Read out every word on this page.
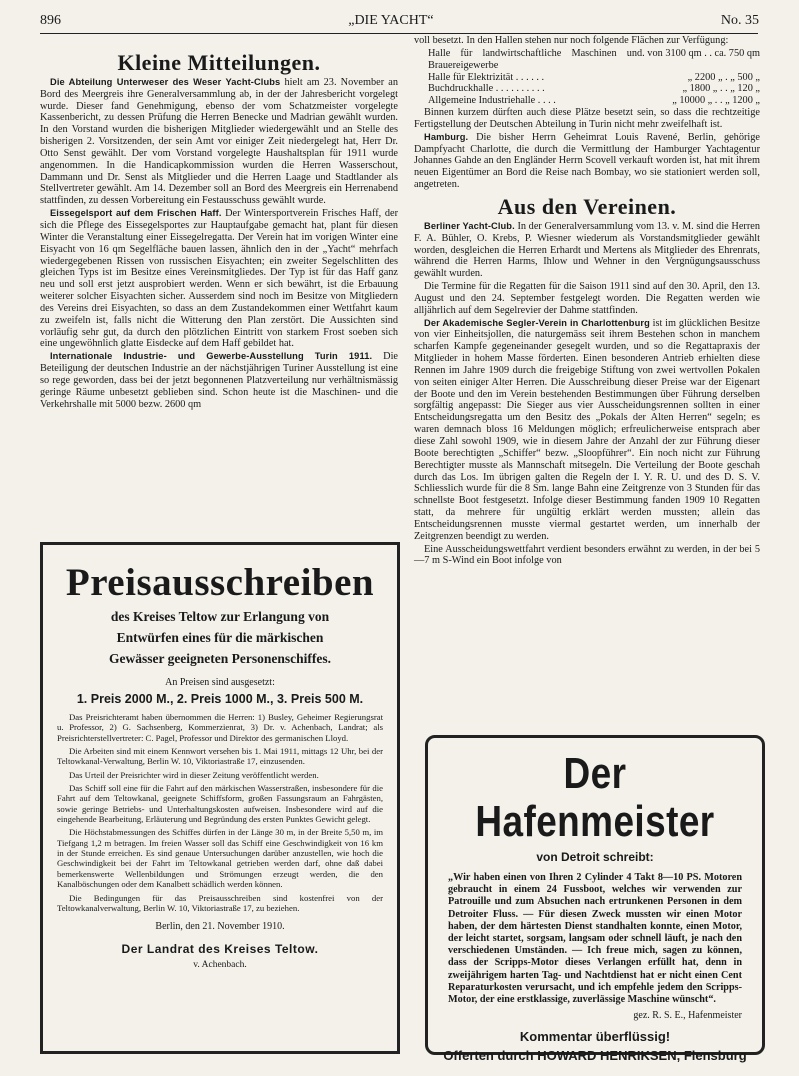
896	„DIE YACHT“	No. 35
Kleine Mitteilungen.

Die Abteilung Unterweser des Weser Yacht-Clubs hielt am 23. November an Bord des Meergreis ihre Generalversammlung ab, in der der Jahresbericht vorgelegt wurde. Dieser fand Genehmigung, ebenso der vom Schatzmeister vorgelegte Kassenbericht, zu dessen Prüfung die Herren Benecke und Madrian gewählt wurden. In den Vorstand wurden die bisherigen Mitglieder wiedergewählt und an Stelle des bisherigen 2. Vorsitzenden, der sein Amt vor einiger Zeit niedergelegt hat, Herr Dr. Otto Senst gewählt. Der vom Vorstand vorgelegte Haushaltsplan für 1911 wurde angenommen. In die Handicapkommission wurden die Herren Wasserschout, Dammann und Dr. Senst als Mitglieder und die Herren Laage und Stadtlander als Stellvertreter gewählt. Am 14. Dezember soll an Bord des Meergreis ein Herrenabend stattfinden, zu dessen Vorbereitung ein Festausschuss gewählt wurde.

Eissegelsport auf dem Frischen Haff. Der Wintersportverein Frisches Haff, der sich die Pflege des Eissegelsportes zur Hauptaufgabe gemacht hat, plant für diesen Winter die Veranstaltung einer Eissegelregatta. Der Verein hat im vorigen Winter eine Eisyacht von 16 qm Segelfläche bauen lassen, ähnlich den in der „Yacht“ mehrfach wiedergegebenen Rissen von russischen Eisyachten; ein zweiter Segelschlitten des gleichen Typs ist im Besitze eines Vereinsmitgliedes. Der Typ ist für das Haff ganz neu und soll erst jetzt ausprobiert werden. Wenn er sich bewährt, ist die Erbauung weiterer solcher Eisyachten sicher. Ausserdem sind noch im Besitze von Mitgliedern des Vereins drei Eisyachten, so dass an dem Zustandekommen einer Wettfahrt kaum zu zweifeln ist, falls nicht die Witterung den Plan zerstört. Die Aussichten sind vorläufig sehr gut, da durch den plötzlichen Eintritt von starkem Frost soeben sich eine ungewöhnlich glatte Eisdecke auf dem Haff gebildet hat.

Internationale Industrie- und Gewerbe-Ausstellung Turin 1911. Die Beteiligung der deutschen Industrie an der nächstjährigen Turiner Ausstellung ist eine so rege geworden, dass bei der jetzt begonnenen Platzverteilung nur verhältnismässig geringe Räume unbesetzt geblieben sind. Schon heute ist die Maschinen- und die Verkehrshalle mit 5000 bezw. 2600 qm

voll besetzt. In den Hallen stehen nur noch folgende Flächen zur Verfügung:

Halle für landwirtschaftliche Maschinen und Brauereigewerbe	. von 3100 qm . . ca. 750 qm
Halle für Elektrizität . . . . . .	„ 2200 „ . „ 500 „
Buchdruckhalle . . . . . . . . . .	„ 1800 „ . . „ 120 „
Allgemeine Industriehalle . . . .	„ 10000 „ . . „ 1200 „

Binnen kurzem dürften auch diese Plätze besetzt sein, so dass die rechtzeitige Fertigstellung der Deutschen Abteilung in Turin nicht mehr zweifelhaft ist.

Hamburg. Die bisher Herrn Geheimrat Louis Ravené, Berlin, gehörige Dampfyacht Charlotte, die durch die Vermittlung der Hamburger Yachtagentur Johannes Gahde an den Engländer Herrn Scovell verkauft worden ist, hat mit ihrem neuen Eigentümer an Bord die Reise nach Bombay, wo sie stationiert werden soll, angetreten.

Aus den Vereinen.

Berliner Yacht-Club. In der Generalversammlung vom 13. v. M. sind die Herren F. A. Bühler, O. Krebs, P. Wiesner wiederum als Vorstandsmitglieder gewählt worden, desgleichen die Herren Erhardt und Mertens als Mitglieder des Ehrenrats, während die Herren Harms, Ihlow und Wehner in den Vergnügungsausschuss gewählt wurden.

Die Termine für die Regatten für die Saison 1911 sind auf den 30. April, den 13. August und den 24. September festgelegt worden. Die Regatten werden wie alljährlich auf dem Segelrevier der Dahme stattfinden.

Der Akademische Segler-Verein in Charlottenburg ist im glücklichen Besitze von vier Einheitsjollen, die naturgemäss seit ihrem Bestehen schon in manchem scharfen Kampfe gegeneinander gesegelt wurden, und so die Regattapraxis der Mitglieder in hohem Masse förderten. Einen besonderen Antrieb erhielten diese Rennen im Jahre 1909 durch die freigebige Stiftung von zwei wertvollen Pokalen von seiten einiger Alter Herren. Die Ausschreibung dieser Preise war der Eigenart der Boote und den im Verein bestehenden Bestimmungen über Führung derselben sorgfältig angepasst: Die Sieger aus vier Ausscheidungsrennen sollten in einer Entscheidungsregatta um den Besitz des „Pokals der Alten Herren“ segeln; es waren demnach bloss 16 Meldungen möglich; erfreulicherweise entsprach aber diese Zahl sowohl 1909, wie in diesem Jahre der Anzahl der zur Führung dieser Boote berechtigten „Schiffer“ bezw. „Sloopführer“. Ein noch nicht zur Führung Berechtigter musste als Mannschaft mitsegeln. Die Verteilung der Boote geschah durch das Los. Im übrigen galten die Regeln der I. Y. R. U. und des D. S. V. Schliesslich wurde für die 8 Sm. lange Bahn eine Zeitgrenze von 3 Stunden für das schnellste Boot festgesetzt. Infolge dieser Bestimmung fanden 1909 10 Regatten statt, da mehrere für ungültig erklärt werden mussten; allein das Entscheidungsrennen musste viermal gestartet werden, um innerhalb der Zeitgrenzen beendigt zu werden.

Eine Ausscheidungswettfahrt verdient besonders erwähnt zu werden, in der bei 5—7 m S-Wind ein Boot infolge von

Preisausschreiben
des Kreises Teltow zur Erlangung von
Entwürfen eines für die märkischen
Gewässer geeigneten Personenschiffes.
An Preisen sind ausgesetzt:
1. Preis 2000 M., 2. Preis 1000 M., 3. Preis 500 M.

Das Preisrichteramt haben übernommen die Herren: 1) Busley, Geheimer Regierungsrat u. Professor, 2) G. Sachsenberg, Kommerzienrat, 3) Dr. v. Achenbach, Landrat; als Preisrichterstellvertreter: C. Pagel, Professor und Direktor des germanischen Lloyd.

Die Arbeiten sind mit einem Kennwort versehen bis 1. Mai 1911, mittags 12 Uhr, bei der Teltowkanal-Verwaltung, Berlin W. 10, Viktoriastraße 17, einzusenden.

Das Urteil der Preisrichter wird in dieser Zeitung veröffentlicht werden.

Das Schiff soll eine für die Fahrt auf den märkischen Wasserstraßen, insbesondere für die Fahrt auf dem Teltowkanal, geeignete Schiffsform, großen Fassungsraum an Fahrgästen, sowie geringe Betriebs- und Unterhaltungskosten aufweisen. Insbesondere wird auf die eingehende Bearbeitung, Erläuterung und Begründung des ersten Punktes Gewicht gelegt.

Die Höchstabmessungen des Schiffes dürfen in der Länge 30 m, in der Breite 5,50 m, im Tiefgang 1,2 m betragen. Im freien Wasser soll das Schiff eine Geschwindigkeit von 16 km in der Stunde erreichen. Es sind genaue Untersuchungen darüber anzustellen, wie hoch die Geschwindigkeit bei der Fahrt im Teltowkanal getrieben werden darf, ohne daß dabei bemerkenswerte Wellenbildungen und Strömungen erzeugt werden, die den Kanalböschungen oder dem Kanalbett schädlich werden können.

Die Bedingungen für das Preisausschreiben sind kostenfrei von der Teltowkanalverwaltung, Berlin W. 10, Viktoriastraße 17, zu beziehen.

Berlin, den 21. November 1910.
Der Landrat des Kreises Teltow.
v. Achenbach.
Der Hafenmeister
von Detroit schreibt:
„Wir haben einen von Ihren 2 Cylinder 4 Takt 8—10 PS. Motoren gebraucht in einem 24 Fussboot, welches wir verwenden zur Patrouille und zum Absuchen nach ertrunkenen Personen in dem Detroiter Fluss. — Für diesen Zweck mussten wir einen Motor haben, der dem härtesten Dienst standhalten konnte, einen Motor, der leicht startet, sorgsam, langsam oder schnell läuft, je nach den verschiedenen Umständen. — Ich freue mich, sagen zu können, dass der Scripps-Motor dieses Verlangen erfüllt hat, denn in zweijährigem harten Tag- und Nachtdienst hat er nicht einen Cent Reparaturkosten verursacht, und ich empfehle jedem den Scripps-Motor, der eine erstklassige, zuverlässige Maschine wünscht“.
gez. R. S. E., Hafenmeister
Kommentar überflüssig!
Offerten durch HOWARD HENRIKSEN, Flensburg
